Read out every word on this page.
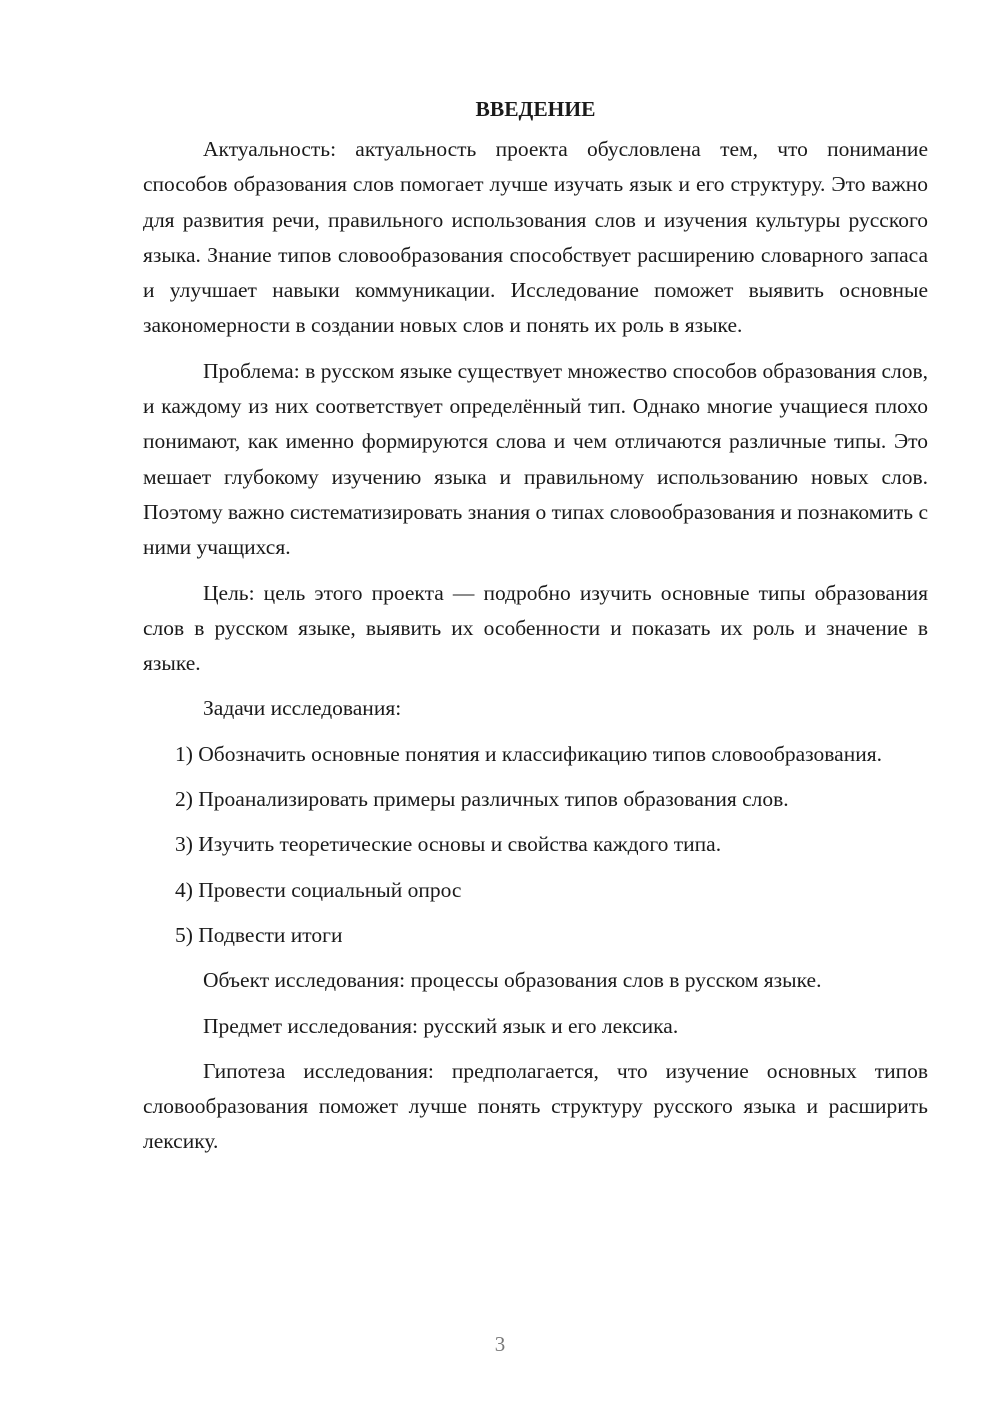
ВВЕДЕНИЕ

Актуальность: актуальность проекта обусловлена тем, что понимание способов образования слов помогает лучше изучать язык и его структуру. Это важно для развития речи, правильного использования слов и изучения культуры русского языка. Знание типов словообразования способствует расширению словарного запаса и улучшает навыки коммуникации. Исследование поможет выявить основные закономерности в создании новых слов и понять их роль в языке.

Проблема: в русском языке существует множество способов образования слов, и каждому из них соответствует определённый тип. Однако многие учащиеся плохо понимают, как именно формируются слова и чем отличаются различные типы. Это мешает глубокому изучению языка и правильному использованию новых слов. Поэтому важно систематизировать знания о типах словообразования и познакомить с ними учащихся.

Цель: цель этого проекта — подробно изучить основные типы образования слов в русском языке, выявить их особенности и показать их роль и значение в языке.

Задачи исследования:

1) Обозначить основные понятия и классификацию типов словообразования.

2) Проанализировать примеры различных типов образования слов.

3) Изучить теоретические основы и свойства каждого типа.

4) Провести социальный опрос

5) Подвести итоги

Объект исследования: процессы образования слов в русском языке.

Предмет исследования: русский язык и его лексика.

Гипотеза исследования: предполагается, что изучение основных типов словообразования поможет лучше понять структуру русского языка и расширить лексику.

3
